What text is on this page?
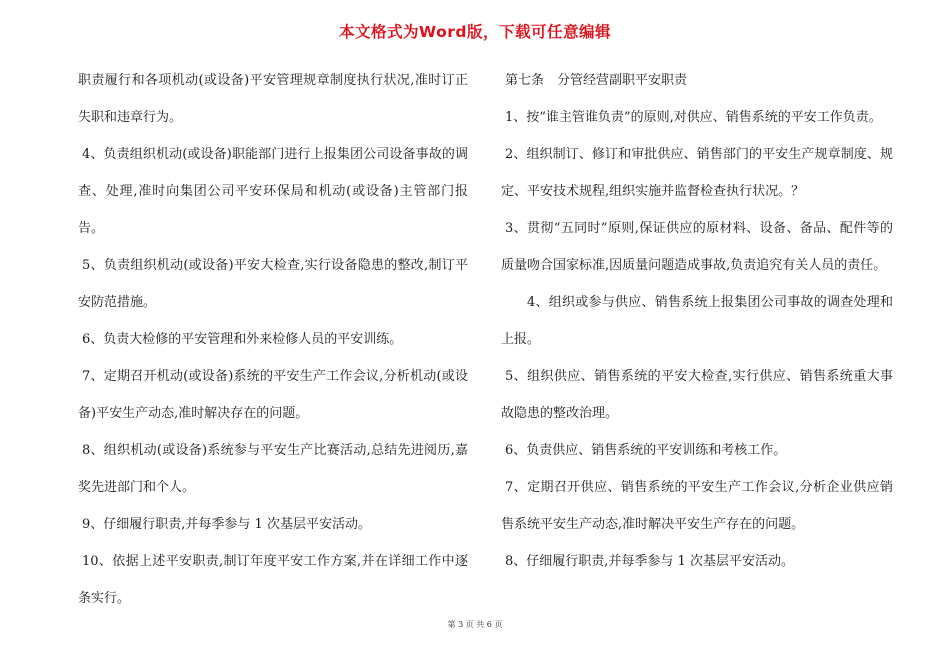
本文格式为Word版，下载可任意编辑

职责履行和各项机动(或设备)平安管理规章制度执行状况,准时订正失职和违章行为。

4、负责组织机动(或设备)职能部门进行上报集团公司设备事故的调查、处理,准时向集团公司平安环保局和机动(或设备)主管部门报告。

5、负责组织机动(或设备)平安大检查,实行设备隐患的整改,制订平安防范措施。

6、负责大检修的平安管理和外来检修人员的平安训练。

7、定期召开机动(或设备)系统的平安生产工作会议,分析机动(或设备)平安生产动态,准时解决存在的问题。

8、组织机动(或设备)系统参与平安生产比赛活动,总结先进阅历,嘉奖先进部门和个人。

9、仔细履行职责,并每季参与 1 次基层平安活动。

10、依据上述平安职责,制订年度平安工作方案,并在详细工作中逐条实行。

第七条　分管经营副职平安职责

1、按“谁主管谁负责”的原则,对供应、销售系统的平安工作负责。

2、组织制订、修订和审批供应、销售部门的平安生产规章制度、规定、平安技术规程,组织实施并监督检查执行状况。？

3、贯彻“五同时”原则,保证供应的原材料、设备、备品、配件等的质量吻合国家标准,因质量问题造成事故,负责追究有关人员的责任。

4、组织或参与供应、销售系统上报集团公司事故的调查处理和上报。

5、组织供应、销售系统的平安大检查,实行供应、销售系统重大事故隐患的整改治理。

6、负责供应、销售系统的平安训练和考核工作。

7、定期召开供应、销售系统的平安生产工作会议,分析企业供应销售系统平安生产动态,准时解决平安生产存在的问题。

8、仔细履行职责,并每季参与 1 次基层平安活动。

第 3 页 共 6 页
